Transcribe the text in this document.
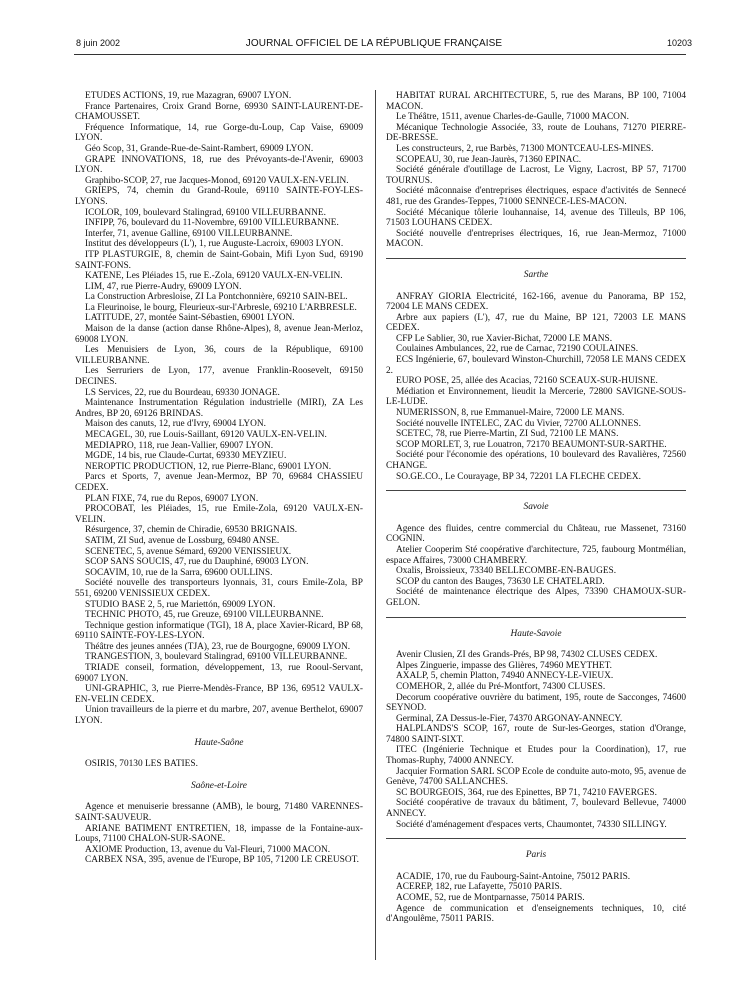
8 juin 2002	JOURNAL OFFICIEL DE LA RÉPUBLIQUE FRANÇAISE	10203

ETUDES ACTIONS, 19, rue Mazagran, 69007 LYON.

France Partenaires, Croix Grand Borne, 69930 SAINT-LAURENT-DE-CHAMOUSSET.

Fréquence Informatique, 14, rue Gorge-du-Loup, Cap Vaise, 69009 LYON.

Géo Scop, 31, Grande-Rue-de-Saint-Rambert, 69009 LYON.

GRAPE INNOVATIONS, 18, rue des Prévoyants-de-l'Avenir, 69003 LYON.

Graphibo-SCOP, 27, rue Jacques-Monod, 69120 VAULX-EN-VELIN.

GRIEPS, 74, chemin du Grand-Roule, 69110 SAINTE-FOY-LES-LYONS.

ICOLOR, 109, boulevard Stalingrad, 69100 VILLEURBANNE.

INFIPP, 76, boulevard du 11-Novembre, 69100 VILLEURBANNE.

Interfer, 71, avenue Galline, 69100 VILLEURBANNE.

Institut des développeurs (L'), 1, rue Auguste-Lacroix, 69003 LYON.

ITP PLASTURGIE, 8, chemin de Saint-Gobain, Mifi Lyon Sud, 69190 SAINT-FONS.

KATENE, Les Pléiades 15, rue E.-Zola, 69120 VAULX-EN-VELIN.

LIM, 47, rue Pierre-Audry, 69009 LYON.

La Construction Arbresloise, ZI La Pontchonnière, 69210 SAIN-BEL.

La Fleurinoise, le bourg, Fleurieux-sur-l'Arbresle, 69210 L'ARBRESLE.

LATITUDE, 27, montée Saint-Sébastien, 69001 LYON.

Maison de la danse (action danse Rhône-Alpes), 8, avenue Jean-Merloz, 69008 LYON.

Les Menuisiers de Lyon, 36, cours de la République, 69100 VILLEURBANNE.

Les Serruriers de Lyon, 177, avenue Franklin-Roosevelt, 69150 DECINES.

LS Services, 22, rue du Bourdeau, 69330 JONAGE.

Maintenance Instrumentation Régulation industrielle (MIRI), ZA Les Andres, BP 20, 69126 BRINDAS.

Maison des canuts, 12, rue d'Ivry, 69004 LYON.

MECAGEL, 30, rue Louis-Saillant, 69120 VAULX-EN-VELIN.

MEDIAPRO, 118, rue Jean-Vallier, 69007 LYON.

MGDE, 14 bis, rue Claude-Curtat, 69330 MEYZIEU.

NEROPTIC PRODUCTION, 12, rue Pierre-Blanc, 69001 LYON.

Parcs et Sports, 7, avenue Jean-Mermoz, BP 70, 69684 CHASSIEU CEDEX.

PLAN FIXE, 74, rue du Repos, 69007 LYON.

PROCOBAT, les Pléiades, 15, rue Emile-Zola, 69120 VAULX-EN-VELIN.

Résurgence, 37, chemin de Chiradie, 69530 BRIGNAIS.

SATIM, ZI Sud, avenue de Lossburg, 69480 ANSE.

SCENETEC, 5, avenue Sémard, 69200 VENISSIEUX.

SCOP SANS SOUCIS, 47, rue du Dauphiné, 69003 LYON.

SOCAVIM, 10, rue de la Sarra, 69600 OULLINS.

Société nouvelle des transporteurs lyonnais, 31, cours Emile-Zola, BP 551, 69200 VENISSIEUX CEDEX.

STUDIO BASE 2, 5, rue Mariettón, 69009 LYON.

TECHNIC PHOTO, 45, rue Greuze, 69100 VILLEURBANNE.

Technique gestion informatique (TGI), 18 A, place Xavier-Ricard, BP 68, 69110 SAINTE-FOY-LES-LYON.

Théâtre des jeunes années (TJA), 23, rue de Bourgogne, 69009 LYON.

TRANGESTION, 3, boulevard Stalingrad, 69100 VILLEURBANNE.

TRIADE conseil, formation, développement, 13, rue Rooul-Servant, 69007 LYON.

UNI-GRAPHIC, 3, rue Pierre-Mendès-France, BP 136, 69512 VAULX-EN-VELIN CEDEX.

Union travailleurs de la pierre et du marbre, 207, avenue Berthelot, 69007 LYON.

Haute-Saône

OSIRIS, 70130 LES BATIES.

Saône-et-Loire

Agence et menuiserie bressanne (AMB), le bourg, 71480 VARENNES-SAINT-SAUVEUR.

ARIANE BATIMENT ENTRETIEN, 18, impasse de la Fontaine-aux-Loups, 71100 CHALON-SUR-SAONE.

AXIOME Production, 13, avenue du Val-Fleuri, 71000 MACON.

CARBEX NSA, 395, avenue de l'Europe, BP 105, 71200 LE CREUSOT.

HABITAT RURAL ARCHITECTURE, 5, rue des Marans, BP 100, 71004 MACON.

Le Théâtre, 1511, avenue Charles-de-Gaulle, 71000 MACON.

Mécanique Technologie Associée, 33, route de Louhans, 71270 PIERRE-DE-BRESSE.

Les constructeurs, 2, rue Barbès, 71300 MONTCEAU-LES-MINES.

SCOPEAU, 30, rue Jean-Jaurès, 71360 EPINAC.

Société générale d'outillage de Lacrost, Le Vigny, Lacrost, BP 57, 71700 TOURNUS.

Société mâconnaise d'entreprises électriques, espace d'activités de Sennecé 481, rue des Grandes-Teppes, 71000 SENNECE-LES-MACON.

Société Mécanique tôlerie louhannaise, 14, avenue des Tilleuls, BP 106, 71503 LOUHANS CEDEX.

Société nouvelle d'entreprises électriques, 16, rue Jean-Mermoz, 71000 MACON.

Sarthe

ANFRAY GIORIA Electricité, 162-166, avenue du Panorama, BP 152, 72004 LE MANS CEDEX.

Arbre aux papiers (L'), 47, rue du Maine, BP 121, 72003 LE MANS CEDEX.

CFP Le Sablier, 30, rue Xavier-Bichat, 72000 LE MANS.

Coulaines Ambulances, 22, rue de Carnac, 72190 COULAINES.

ECS Ingénierie, 67, boulevard Winston-Churchill, 72058 LE MANS CEDEX 2.

EURO POSE, 25, allée des Acacias, 72160 SCEAUX-SUR-HUISNE.

Médiation et Environnement, lieudit la Mercerie, 72800 SAVIGNE-SOUS-LE-LUDE.

NUMERISSON, 8, rue Emmanuel-Maire, 72000 LE MANS.

Société nouvelle INTELEC, ZAC du Vivier, 72700 ALLONNES.

SCETEC, 78, rue Pierre-Martin, ZI Sud, 72100 LE MANS.

SCOP MORLET, 3, rue Louatron, 72170 BEAUMONT-SUR-SARTHE.

Société pour l'économie des opérations, 10 boulevard des Ravalières, 72560 CHANGE.

SO.GE.CO., Le Courayage, BP 34, 72201 LA FLECHE CEDEX.

Savoie

Agence des fluides, centre commercial du Château, rue Massenet, 73160 COGNIN.

Atelier Cooperim Sté coopérative d'architecture, 725, faubourg Montmélian, espace Affaires, 73000 CHAMBERY.

Oxalis, Broissieux, 73340 BELLECOMBE-EN-BAUGES.

SCOP du canton des Bauges, 73630 LE CHATELARD.

Société de maintenance électrique des Alpes, 73390 CHAMOUX-SUR-GELON.

Haute-Savoie

Avenir Clusien, ZI des Grands-Prés, BP 98, 74302 CLUSES CEDEX.

Alpes Zinguerie, impasse des Glières, 74960 MEYTHET.

AXALP, 5, chemin Platton, 74940 ANNECY-LE-VIEUX.

COMEHOR, 2, allée du Pré-Montfort, 74300 CLUSES.

Decorum coopérative ouvrière du batiment, 195, route de Sacconges, 74600 SEYNOD.

Germinal, ZA Dessus-le-Fier, 74370 ARGONAY-ANNECY.

HALPLANDS'S SCOP, 167, route de Sur-les-Georges, station d'Orange, 74800 SAINT-SIXT.

ITEC (Ingénierie Technique et Etudes pour la Coordination), 17, rue Thomas-Ruphy, 74000 ANNECY.

Jacquier Formation SARL SCOP Ecole de conduite auto-moto, 95, avenue de Genève, 74700 SALLANCHES.

SC BOURGEOIS, 364, rue des Epinettes, BP 71, 74210 FAVERGES.

Société coopérative de travaux du bâtiment, 7, boulevard Bellevue, 74000 ANNECY.

Société d'aménagement d'espaces verts, Chaumontet, 74330 SILLINGY.

Paris

ACADIE, 170, rue du Faubourg-Saint-Antoine, 75012 PARIS.

ACEREP, 182, rue Lafayette, 75010 PARIS.

ACOME, 52, rue de Montparnasse, 75014 PARIS.

Agence de communication et d'enseignements techniques, 10, cité d'Angoulême, 75011 PARIS.
